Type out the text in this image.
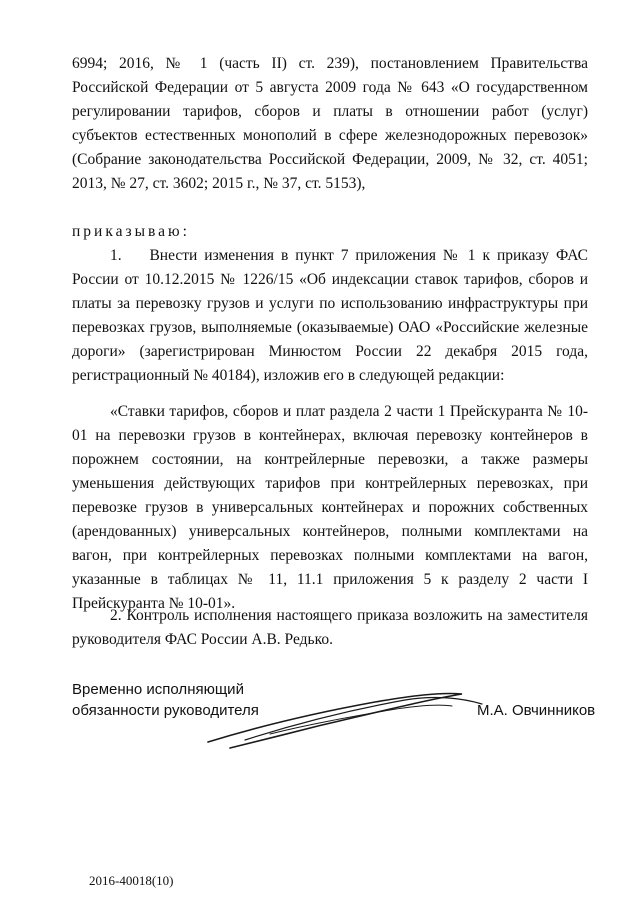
6994; 2016, № 1 (часть II) ст. 239), постановлением Правительства Российской Федерации от 5 августа 2009 года № 643 «О государственном регулировании тарифов, сборов и платы в отношении работ (услуг) субъектов естественных монополий в сфере железнодорожных перевозок» (Собрание законодательства Российской Федерации, 2009, № 32, ст. 4051; 2013, № 27, ст. 3602; 2015 г., № 37, ст. 5153),

приказываю:

1.    Внести изменения в пункт 7 приложения № 1 к приказу ФАС России от 10.12.2015 № 1226/15 «Об индексации ставок тарифов, сборов и платы за перевозку грузов и услуги по использованию инфраструктуры при перевозках грузов, выполняемые (оказываемые) ОАО «Российские железные дороги» (зарегистрирован Минюстом России 22 декабря 2015 года, регистрационный № 40184), изложив его в следующей редакции:

«Ставки тарифов, сборов и плат раздела 2 части 1 Прейскуранта № 10-01 на перевозки грузов в контейнерах, включая перевозку контейнеров в порожнем состоянии, на контрейлерные перевозки, а также размеры уменьшения действующих тарифов при контрейлерных перевозках, при перевозке грузов в универсальных контейнерах и порожних собственных (арендованных) универсальных контейнеров, полными комплектами на вагон, при контрейлерных перевозках полными комплектами на вагон, указанные в таблицах № 11, 11.1 приложения 5 к разделу 2 части I Прейскуранта № 10-01».

2. Контроль исполнения настоящего приказа возложить на заместителя руководителя ФАС России А.В. Редько.

Временно исполняющий
обязанности руководителя	М.А. Овчинников
2016-40018(10)
